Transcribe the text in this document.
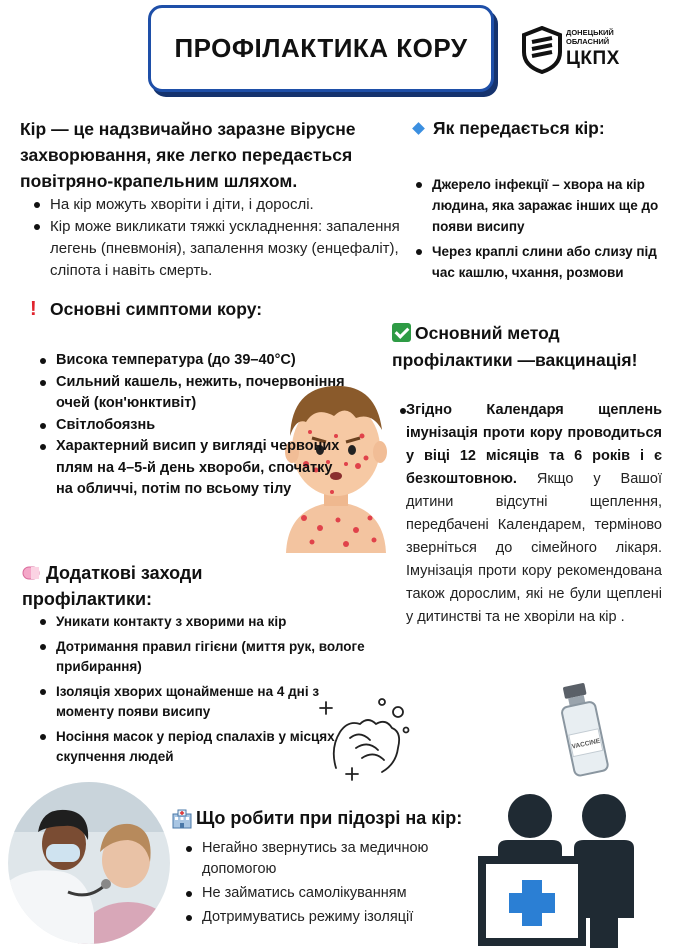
ПРОФІЛАКТИКА КОРУ
ДОНЕЦЬКИЙ
ОБЛАСНИЙ
ЦКПХ
Кір — це надзвичайно заразне вірусне захворювання, яке легко передається повітряно-крапельним шляхом.
На кір можуть хворіти і діти, і дорослі.
Кір може викликати тяжкі ускладнення: запалення легень (пневмонія), запалення мозку (енцефаліт), сліпота і навіть смерть.
! Основні симптоми кору:
Висока температура (до 39–40°C)
Сильний кашель, нежить, почервоніння очей (кон'юнктивіт)
Світлобоязнь
Характерний висип у вигляді червоних плям на 4–5-й день хвороби, спочатку на обличчі, потім по всьому тілу
Додаткові заходи профілактики:
Уникати контакту з хворими на кір
Дотримання правил гігієни (миття рук, вологе прибирання)
Ізоляція хворих щонайменше на 4 дні з моменту появи висипу
Носіння масок у період спалахів у місцях скупчення людей
Що робити при підозрі на кір:
Негайно звернутись за медичною допомогою
Не займатись самолікуванням
Дотримуватись режиму ізоляції
Як передається кір:
Джерело інфекції – хвора на кір людина, яка заражає інших ще до появи висипу
Через краплі слини або слизу під час кашлю, чхання, розмови
Основний метод профілактики —вакцинація!
Згідно Календаря щеплень імунізація проти кору проводиться у віці 12 місяців та 6 років і є безкоштовною. Якщо у Вашої дитини відсутні щеплення, передбачені Календарем, терміново зверніться до сімейного лікаря. Імунізація проти кору рекомендована також дорослим, які не були щеплені у дитинстві та не хворіли на кір .
VACCINE
